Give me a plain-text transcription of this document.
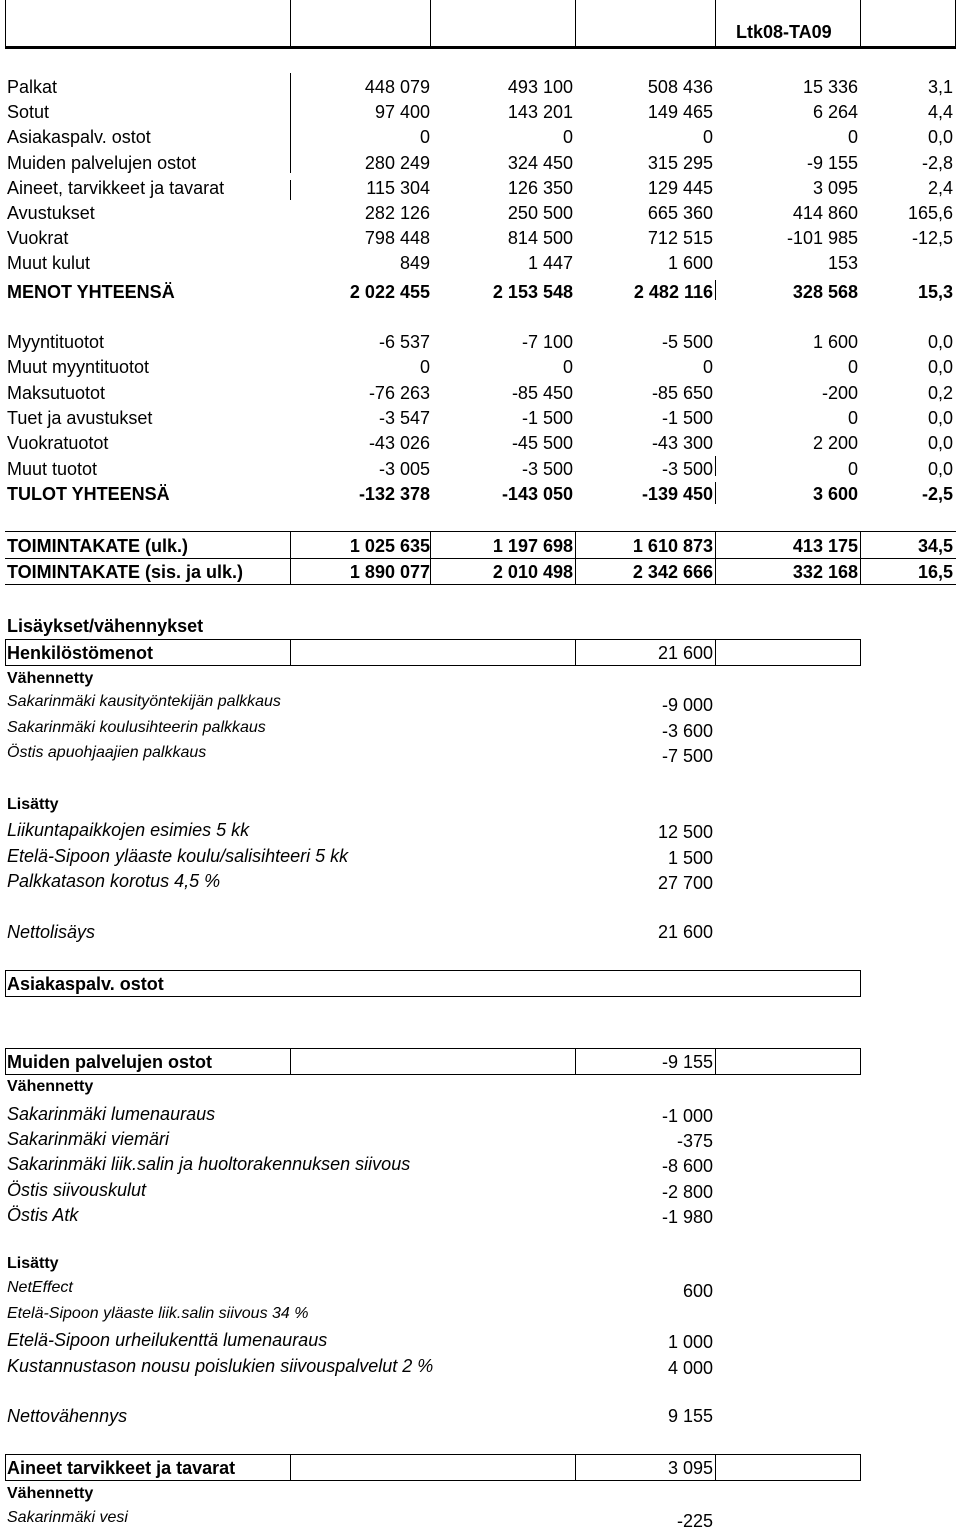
Ltk08-TA09
Palkat	448 079	493 100	508 436	15 336	3,1
Sotut	97 400	143 201	149 465	6 264	4,4
Asiakaspalv. ostot	0	0	0	0	0,0
Muiden palvelujen ostot	280 249	324 450	315 295	-9 155	-2,8
Aineet, tarvikkeet ja tavarat	115 304	126 350	129 445	3 095	2,4
Avustukset	282 126	250 500	665 360	414 860	165,6
Vuokrat	798 448	814 500	712 515	-101 985	-12,5
Muut kulut	849	1 447	1 600	153
MENOT YHTEENSÄ	2 022 455	2 153 548	2 482 116	328 568	15,3
Myyntituotot	-6 537	-7 100	-5 500	1 600	0,0
Muut myyntituotot	0	0	0	0	0,0
Maksutuotot	-76 263	-85 450	-85 650	-200	0,2
Tuet ja avustukset	-3 547	-1 500	-1 500	0	0,0
Vuokratuotot	-43 026	-45 500	-43 300	2 200	0,0
Muut tuotot	-3 005	-3 500	-3 500	0	0,0
TULOT YHTEENSÄ	-132 378	-143 050	-139 450	3 600	-2,5
TOIMINTAKATE (ulk.)	1 025 635	1 197 698	1 610 873	413 175	34,5
TOIMINTAKATE (sis. ja ulk.)	1 890 077	2 010 498	2 342 666	332 168	16,5
Lisäykset/vähennykset
Henkilöstömenot	21 600
Vähennetty
Sakarinmäki kausityöntekijän palkkaus	-9 000
Sakarinmäki koulusihteerin palkkaus	-3 600
Östis apuohjaajien palkkaus	-7 500
Lisätty
Liikuntapaikkojen esimies 5 kk	12 500
Etelä-Sipoon yläaste koulu/salisihteeri 5 kk	1 500
Palkkatason korotus 4,5 %	27 700
Nettolisäys	21 600
Asiakaspalv. ostot
Muiden palvelujen ostot	-9 155
Vähennetty
Sakarinmäki lumenauraus	-1 000
Sakarinmäki viemäri	-375
Sakarinmäki liik.salin ja huoltorakennuksen siivous	-8 600
Östis siivouskulut	-2 800
Östis Atk	-1 980
Lisätty
NetEffect	600
Etelä-Sipoon yläaste liik.salin siivous 34 %
Etelä-Sipoon urheilukenttä lumenauraus	1 000
Kustannustason nousu poislukien siivouspalvelut 2 %	4 000
Nettovähennys	9 155
Aineet tarvikkeet ja tavarat	3 095
Vähennetty
Sakarinmäki vesi	-225
